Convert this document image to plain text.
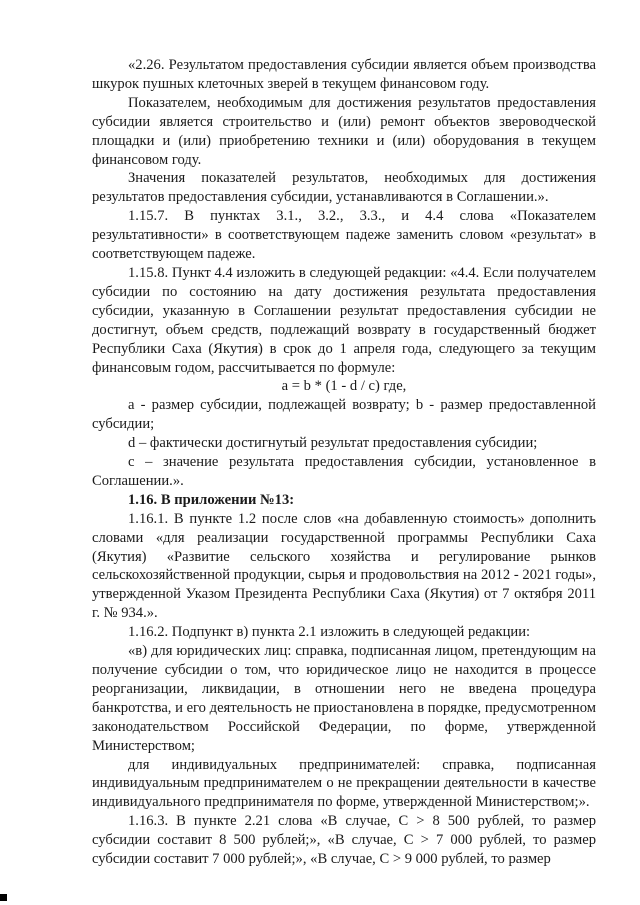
«2.26. Результатом предоставления субсидии является объем производства шкурок пушных клеточных зверей в текущем финансовом году.

Показателем, необходимым для достижения результатов предоставления субсидии является строительство и (или) ремонт объектов звероводческой площадки и (или) приобретению техники и (или) оборудования в текущем финансовом году.

Значения показателей результатов, необходимых для достижения результатов предоставления субсидии, устанавливаются в Соглашении.».

1.15.7. В пунктах 3.1., 3.2., 3.3., и 4.4 слова «Показателем результативности» в соответствующем падеже заменить словом «результат» в соответствующем падеже.

1.15.8. Пункт 4.4 изложить в следующей редакции: «4.4. Если получателем субсидии по состоянию на дату достижения результата предоставления субсидии, указанную в Соглашении результат предоставления субсидии не достигнут, объем средств, подлежащий возврату в государственный бюджет Республики Саха (Якутия) в срок до 1 апреля года, следующего за текущим финансовым годом, рассчитывается по формуле:

а = b * (1 - d / c) где,

а - размер субсидии, подлежащей возврату; b - размер предоставленной субсидии;

d – фактически достигнутый результат предоставления субсидии;

с – значение результата предоставления субсидии, установленное в Соглашении.».

1.16. В приложении №13:

1.16.1. В пункте 1.2 после слов «на добавленную стоимость» дополнить словами «для реализации государственной программы Республики Саха (Якутия) «Развитие сельского хозяйства и регулирование рынков сельскохозяйственной продукции, сырья и продовольствия на 2012 - 2021 годы», утвержденной Указом Президента Республики Саха (Якутия) от 7 октября 2011 г. № 934.».

1.16.2. Подпункт в) пункта 2.1 изложить в следующей редакции:

«в) для юридических лиц: справка, подписанная лицом, претендующим на получение субсидии о том, что юридическое лицо не находится в процессе реорганизации, ликвидации, в отношении него не введена процедура банкротства, и его деятельность не приостановлена в порядке, предусмотренном законодательством Российской Федерации, по форме, утвержденной Министерством;

для индивидуальных предпринимателей: справка, подписанная индивидуальным предпринимателем о не прекращении деятельности в качестве индивидуального предпринимателя по форме, утвержденной Министерством;».

1.16.3. В пункте 2.21 слова «В случае, С > 8 500 рублей, то размер субсидии составит 8 500 рублей;», «В случае, С > 7 000 рублей, то размер субсидии составит 7 000 рублей;», «В случае, С > 9 000 рублей, то размер
